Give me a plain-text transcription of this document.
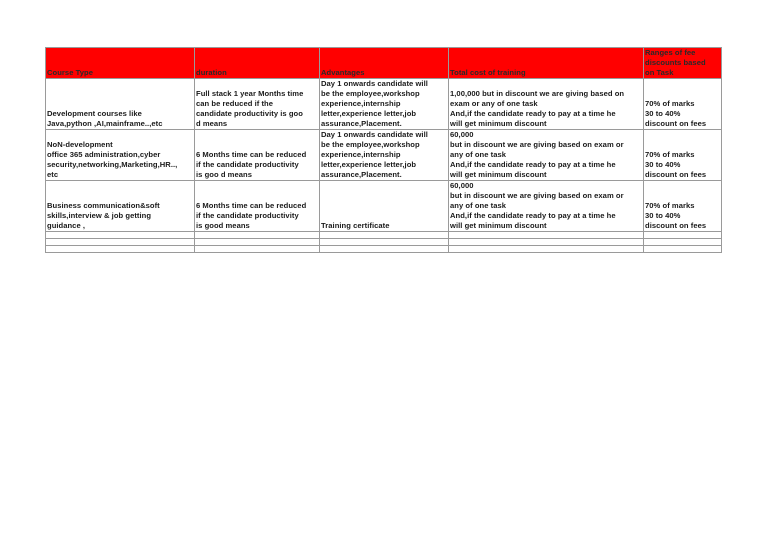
Course Type	duration	Advantages	Total cost of training	Ranges of fee
discounts based
on Task
Development courses like
Java,python ,AI,mainframe..,etc	Full stack 1 year Months time
can be reduced if the
candidate productivity is goo
d means	Day 1 onwards candidate will
be the employee,workshop
experience,internship
letter,experience letter,job
assurance,Placement.	1,00,000 but in discount we are giving based on
exam or any of one task
And,if the candidate ready to pay at a time he
will get minimum discount	70% of marks
30 to 40%
discount on fees
NoN-development
office 365 administration,cyber
security,networking,Marketing,HR..,
etc	6 Months time can be reduced
if the candidate productivity
is goo d means	Day 1 onwards candidate will
be the employee,workshop
experience,internship
letter,experience letter,job
assurance,Placement.	60,000
but in discount we are giving based on exam or
any of one task
And,if the candidate ready to pay at a time he
will get minimum discount	70% of marks
30 to 40%
discount on fees
Business communication&soft
skills,interview & job getting
guidance ,	6 Months time can be reduced
if the candidate productivity
is good means	Training certificate	60,000
but in discount we are giving based on exam or
any of one task
And,if the candidate ready to pay at a time he
will get minimum discount	70% of marks
30 to 40%
discount on fees
